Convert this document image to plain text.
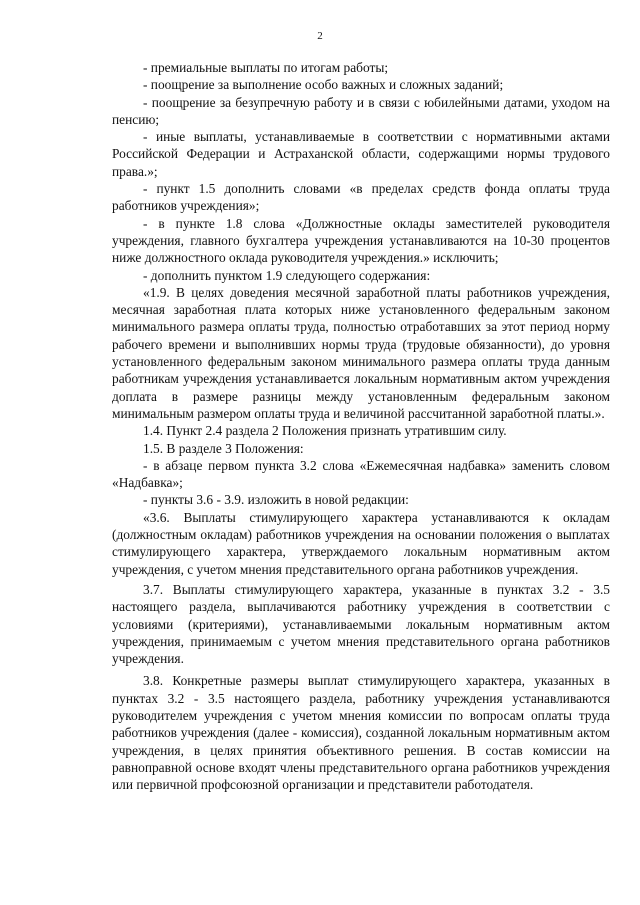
2

- премиальные выплаты по итогам работы;

- поощрение за выполнение особо важных и сложных заданий;

- поощрение за безупречную работу и в связи с юбилейными датами, уходом на пенсию;

- иные выплаты, устанавливаемые в соответствии с нормативными актами Российской Федерации и Астраханской области, содержащими нормы трудового права.»;

- пункт 1.5 дополнить словами «в пределах средств фонда оплаты труда работников учреждения»;

- в пункте 1.8 слова «Должностные оклады заместителей руководителя учреждения, главного бухгалтера учреждения устанавливаются на 10-30 процентов ниже должностного оклада руководителя учреждения.» исключить;

- дополнить пунктом 1.9 следующего содержания:

«1.9. В целях доведения месячной заработной платы работников учреждения, месячная заработная плата которых ниже установленного федеральным законом минимального размера оплаты труда, полностью отработавших за этот период норму рабочего времени и выполнивших нормы труда (трудовые обязанности), до уровня установленного федеральным законом минимального размера оплаты труда данным работникам учреждения устанавливается локальным нормативным актом учреждения доплата в размере разницы между установленным федеральным законом минимальным размером оплаты труда и величиной рассчитанной заработной платы.».

1.4. Пункт 2.4 раздела 2 Положения признать утратившим силу.

1.5. В разделе 3 Положения:

- в абзаце первом пункта 3.2 слова «Ежемесячная надбавка» заменить словом «Надбавка»;

- пункты 3.6 - 3.9. изложить в новой редакции:

«3.6. Выплаты стимулирующего характера устанавливаются к окладам (должностным окладам) работников учреждения на основании положения о выплатах стимулирующего характера, утверждаемого локальным нормативным актом учреждения, с учетом мнения представительного органа работников учреждения.

3.7. Выплаты стимулирующего характера, указанные в пунктах 3.2 - 3.5 настоящего раздела, выплачиваются работнику учреждения в соответствии с условиями (критериями), устанавливаемыми локальным нормативным актом учреждения, принимаемым с учетом мнения представительного органа работников учреждения.

3.8. Конкретные размеры выплат стимулирующего характера, указанных в пунктах 3.2 - 3.5 настоящего раздела, работнику учреждения устанавливаются руководителем учреждения с учетом мнения комиссии по вопросам оплаты труда работников учреждения (далее - комиссия), созданной локальным нормативным актом учреждения, в целях принятия объективного решения. В состав комиссии на равноправной основе входят члены представительного органа работников учреждения или первичной профсоюзной организации и представители работодателя.
